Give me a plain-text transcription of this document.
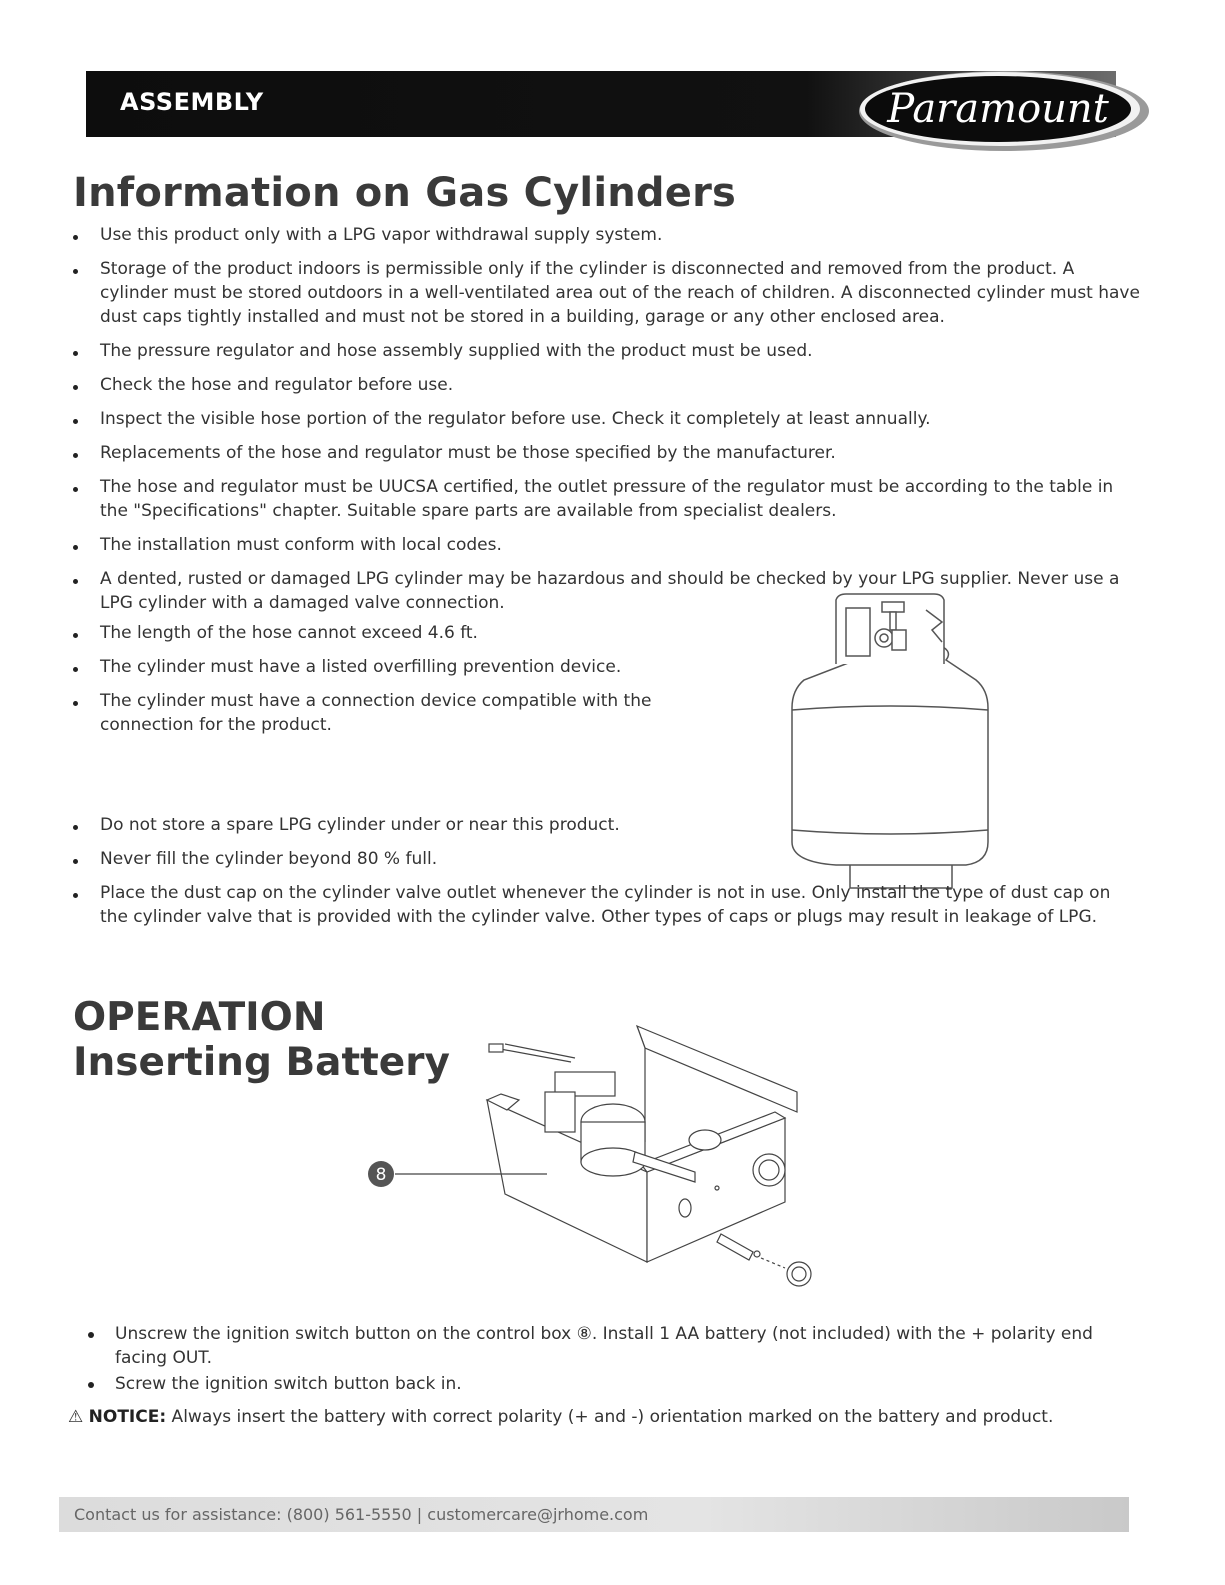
ASSEMBLY	Paramount
Information on Gas Cylinders
Use this product only with a LPG vapor withdrawal supply system.
Storage of the product indoors is permissible only if the cylinder is disconnected and removed from the product. A cylinder must be stored outdoors in a well-ventilated area out of the reach of children. A disconnected cylinder must have dust caps tightly installed and must not be stored in a building, garage or any other enclosed area.
The pressure regulator and hose assembly supplied with the product must be used.
Check the hose and regulator before use.
Inspect the visible hose portion of the regulator before use. Check it completely at least annually.
Replacements of the hose and regulator must be those specified by the manufacturer.
The hose and regulator must be UUCSA certified, the outlet pressure of the regulator must be according to the table in the "Specifications" chapter. Suitable spare parts are available from specialist dealers.
The installation must conform with local codes.
A dented, rusted or damaged LPG cylinder may be hazardous and should be checked by your LPG supplier. Never use a LPG cylinder with a damaged valve connection.
The length of the hose cannot exceed 4.6 ft.
The cylinder must have a listed overfilling prevention device.
The cylinder must have a connection device compatible with the connection for the product.
Do not store a spare LPG cylinder under or near this product.
Never fill the cylinder beyond 80 % full.
Place the dust cap on the cylinder valve outlet whenever the cylinder is not in use. Only install the type of dust cap on the cylinder valve that is provided with the cylinder valve. Other types of caps or plugs may result in leakage of LPG.
OPERATION
Inserting Battery
8
Unscrew the ignition switch button on the control box ⑧. Install 1 AA battery (not included) with the + polarity end facing OUT.
Screw the ignition switch button back in.
⚠ NOTICE: Always insert the battery with correct polarity (+ and -) orientation marked on the battery and product.
Contact us for assistance: (800) 561-5550 | customercare@jrhome.com
